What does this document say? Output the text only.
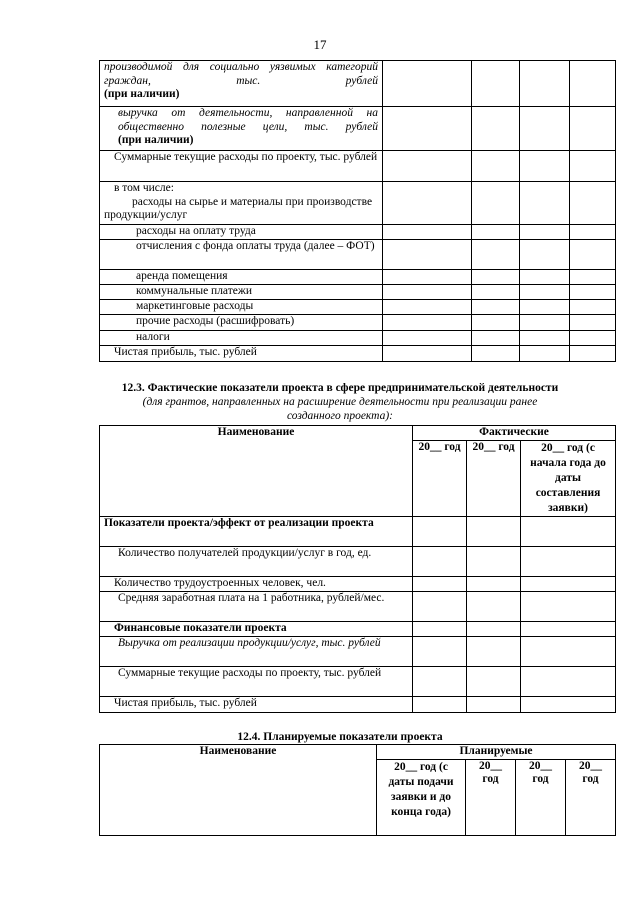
17
производимой для социально уязвимых категорий граждан, тыс. рублей
(при наличии)				

выручка от деятельности, направленной на общественно полезные цели, тыс. рублей
(при наличии)				

Суммарные текущие расходы по проекту, тыс. рублей				

в том числе:
расходы на сырье и материалы при производстве продукции/услуг				

расходы на оплату труда				
отчисления с фонда оплаты труда (далее – ФОТ)				
аренда помещения				
коммунальные платежи				
маркетинговые расходы				
прочие расходы (расшифровать)				
налоги				
Чистая прибыль, тыс. рублей				
12.3. Фактические показатели проекта в сфере предпринимательской деятельности
(для грантов, направленных на расширение деятельности при реализации ранее созданного проекта):
Наименование	Фактические		
	20__ год	20__ год	20__ год (с начала года до даты составления заявки)
Показатели проекта/эффект от реализации проекта			
Количество получателей продукции/услуг в год, ед.			
Количество трудоустроенных человек, чел.			
Средняя заработная плата на 1 работника, рублей/мес.			
Финансовые показатели проекта			
Выручка от реализации продукции/услуг, тыс. рублей			
Суммарные текущие расходы по проекту, тыс. рублей			
Чистая прибыль, тыс. рублей			
12.4. Планируемые показатели проекта
Наименование	Планируемые			
	20__ год (с даты подачи заявки и до конца года)	20__ год	20__ год	20__ год
